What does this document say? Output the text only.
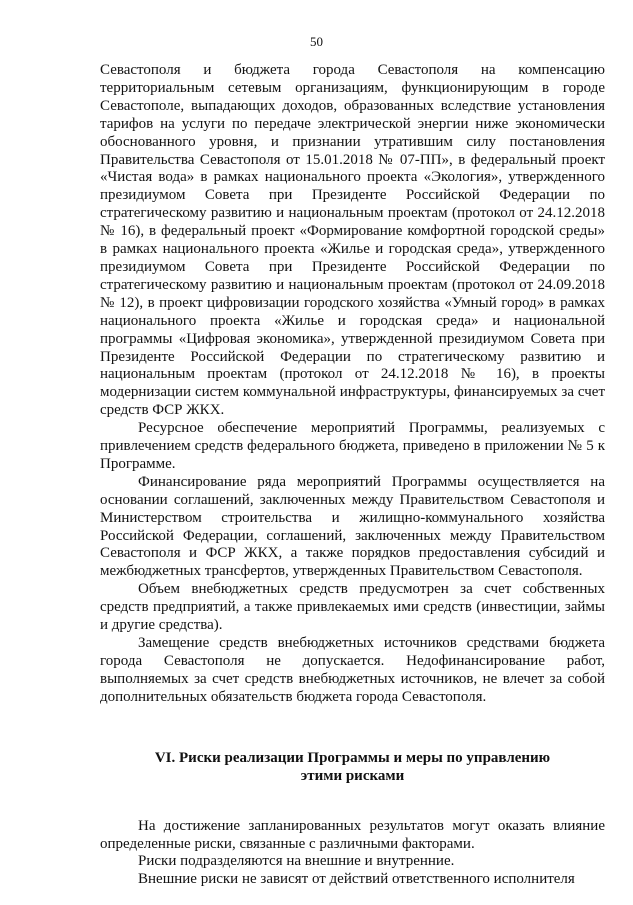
50

Севастополя и бюджета города Севастополя на компенсацию территориальным сетевым организациям, функционирующим в городе Севастополе, выпадающих доходов, образованных вследствие установления тарифов на услуги по передаче электрической энергии ниже экономически обоснованного уровня, и признании утратившим силу постановления Правительства Севастополя от 15.01.2018 № 07-ПП», в федеральный проект «Чистая вода» в рамках национального проекта «Экология», утвержденного президиумом Совета при Президенте Российской Федерации по стратегическому развитию и национальным проектам (протокол от 24.12.2018 № 16), в федеральный проект «Формирование комфортной городской среды» в рамках национального проекта «Жилье и городская среда», утвержденного президиумом Совета при Президенте Российской Федерации по стратегическому развитию и национальным проектам (протокол от 24.09.2018 № 12), в проект цифровизации городского хозяйства «Умный город» в рамках национального проекта «Жилье и городская среда» и национальной программы «Цифровая экономика», утвержденной президиумом Совета при Президенте Российской Федерации по стратегическому развитию и национальным проектам (протокол от 24.12.2018 № 16), в проекты модернизации систем коммунальной инфраструктуры, финансируемых за счет средств ФСР ЖКХ.

Ресурсное обеспечение мероприятий Программы, реализуемых с привлечением средств федерального бюджета, приведено в приложении № 5 к Программе.

Финансирование ряда мероприятий Программы осуществляется на основании соглашений, заключенных между Правительством Севастополя и Министерством строительства и жилищно-коммунального хозяйства Российской Федерации, соглашений, заключенных между Правительством Севастополя и ФСР ЖКХ, а также порядков предоставления субсидий и межбюджетных трансфертов, утвержденных Правительством Севастополя.

Объем внебюджетных средств предусмотрен за счет собственных средств предприятий, а также привлекаемых ими средств (инвестиции, займы и другие средства).

Замещение средств внебюджетных источников средствами бюджета города Севастополя не допускается. Недофинансирование работ, выполняемых за счет средств внебюджетных источников, не влечет за собой дополнительных обязательств бюджета города Севастополя.

VI. Риски реализации Программы и меры по управлению
этими рисками

На достижение запланированных результатов могут оказать влияние определенные риски, связанные с различными факторами.

Риски подразделяются на внешние и внутренние.

Внешние риски не зависят от действий ответственного исполнителя
